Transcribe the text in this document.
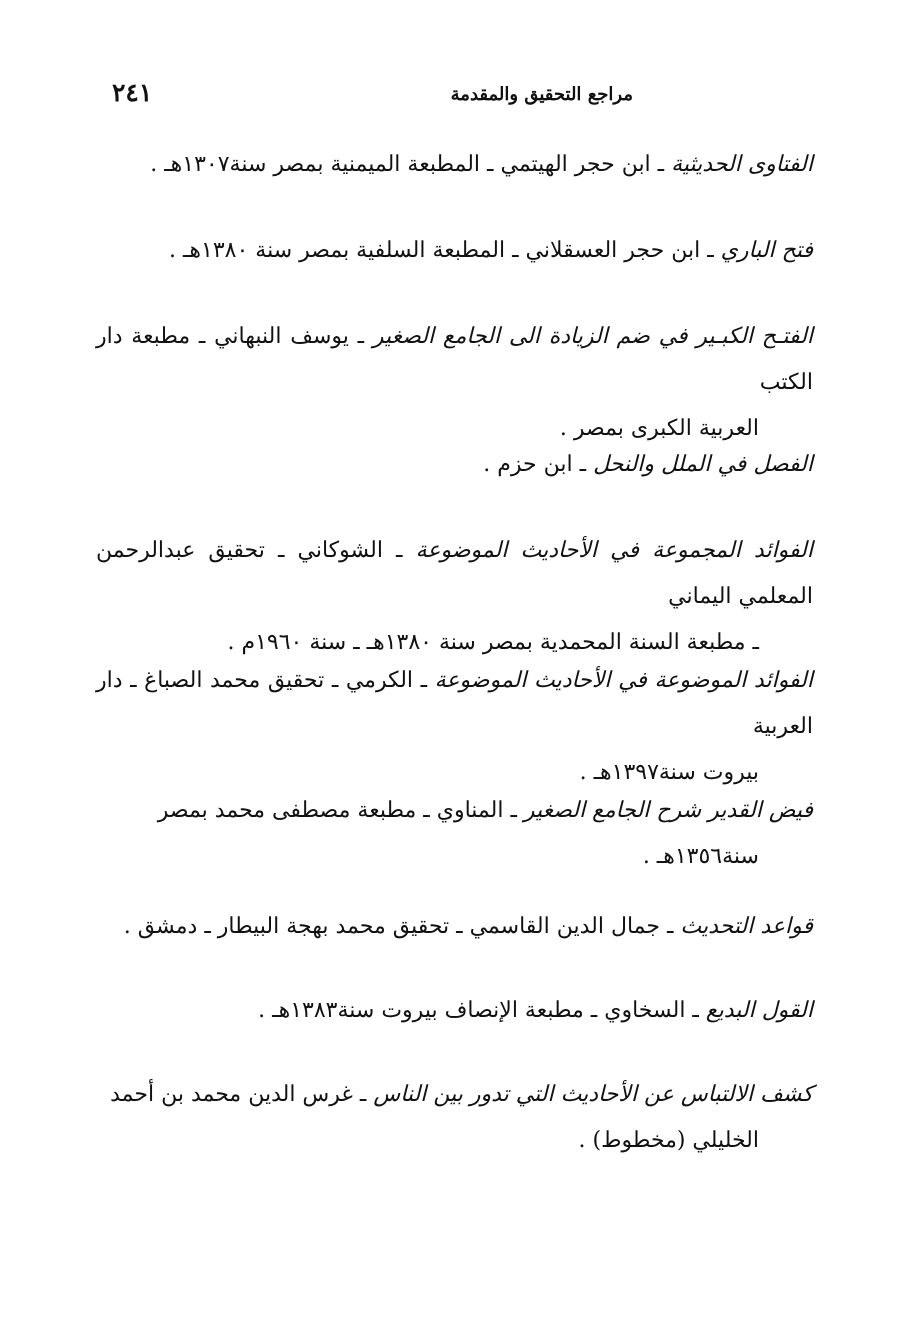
٢٤١	مراجع التحقيق والمقدمة
الفتاوى الحديثية ـ ابن حجر الهيتمي ـ المطبعة الميمنية بمصر سنة١٣٠٧هـ .
فتح الباري ـ ابن حجر العسقلاني ـ المطبعة السلفية بمصر سنة ١٣٨٠هـ .
الفتـح الكبـير في ضم الزيادة الى الجامع الصغير ـ يوسف النبهاني ـ مطبعة دار الكتب
العربية الكبرى بمصر .
الفصل في الملل والنحل ـ ابن حزم .
الفوائد المجموعة في الأحاديث الموضوعة ـ الشوكاني ـ تحقيق عبدالرحمن المعلمي اليماني
ـ مطبعة السنة المحمدية بمصر سنة ١٣٨٠هـ ـ سنة ١٩٦٠م .
الفوائد الموضوعة في الأحاديث الموضوعة ـ الكرمي ـ تحقيق محمد الصباغ ـ دار العربية
بيروت سنة١٣٩٧هـ .
فيض القدير شرح الجامع الصغير ـ المناوي ـ مطبعة مصطفى محمد بمصر
سنة١٣٥٦هـ .
قواعد التحديث ـ جمال الدين القاسمي ـ تحقيق محمد بهجة البيطار ـ دمشق .
القول البديع ـ السخاوي ـ مطبعة الإنصاف بيروت سنة١٣٨٣هـ .
كشف الالتباس عن الأحاديث التي تدور بين الناس ـ غرس الدين محمد بن أحمد
الخليلي (مخطوط) .
